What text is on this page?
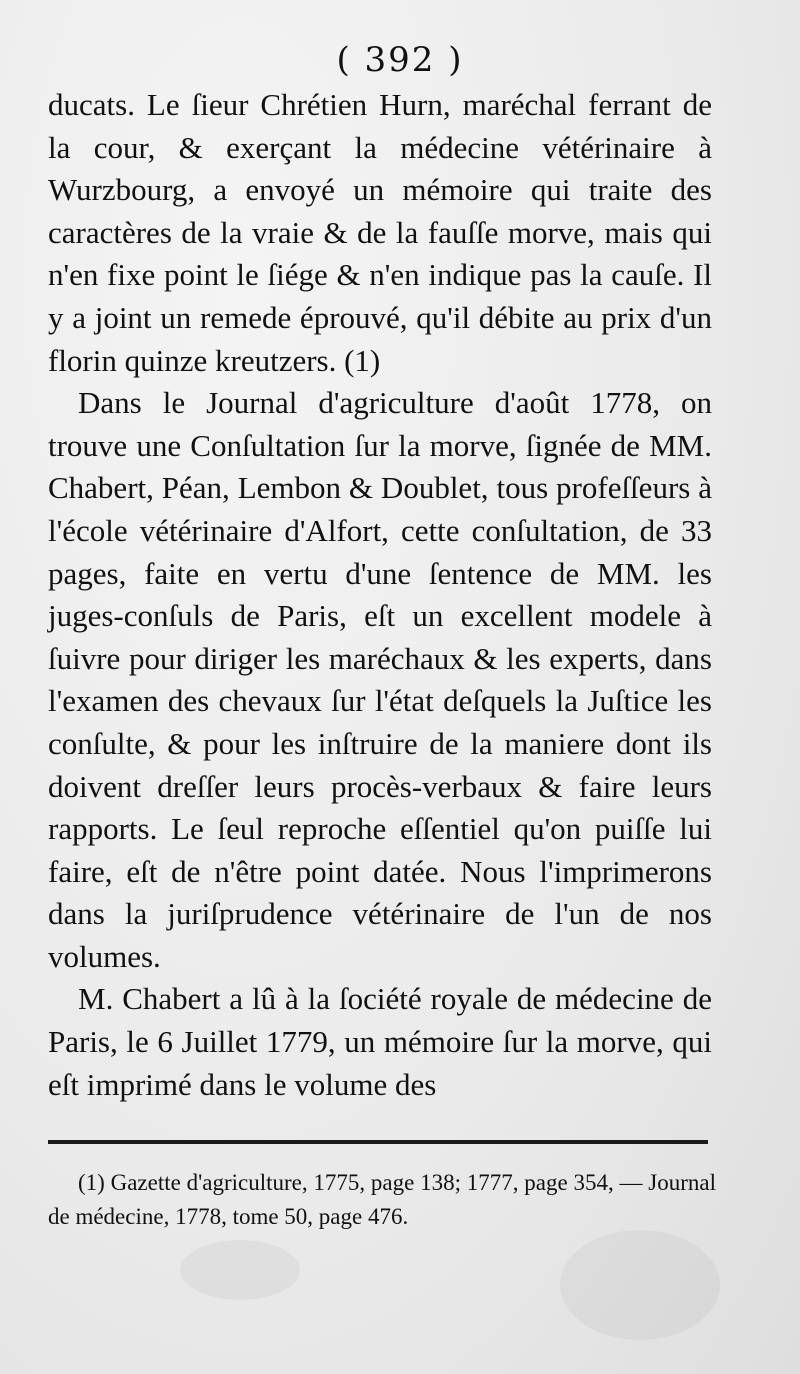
( 392 )

ducats. Le ſieur Chrétien Hurn, maréchal ferrant de la cour, & exerçant la médecine vétérinaire à Wurzbourg, a envoyé un mémoire qui traite des caractères de la vraie & de la fauſſe morve, mais qui n'en fixe point le ſiége & n'en indique pas la cauſe. Il y a joint un remede éprouvé, qu'il débite au prix d'un florin quinze kreutzers. (1)

Dans le Journal d'agriculture d'août 1778, on trouve une Conſultation ſur la morve, ſignée de MM. Chabert, Péan, Lembon & Doublet, tous profeſſeurs à l'école vétérinaire d'Alfort, cette conſultation, de 33 pages, faite en vertu d'une ſentence de MM. les juges-conſuls de Paris, eſt un excellent modele à ſuivre pour diriger les maréchaux & les experts, dans l'examen des chevaux ſur l'état deſquels la Juſtice les conſulte, & pour les inſtruire de la maniere dont ils doivent dreſſer leurs procès-verbaux & faire leurs rapports. Le ſeul reproche eſſentiel qu'on puiſſe lui faire, eſt de n'être point datée. Nous l'imprimerons dans la juriſprudence vétérinaire de l'un de nos volumes.

M. Chabert a lû à la ſociété royale de médecine de Paris, le 6 Juillet 1779, un mémoire ſur la morve, qui eſt imprimé dans le volume des

(1) Gazette d'agriculture, 1775, page 138; 1777, page 354, — Journal de médecine, 1778, tome 50, page 476.
